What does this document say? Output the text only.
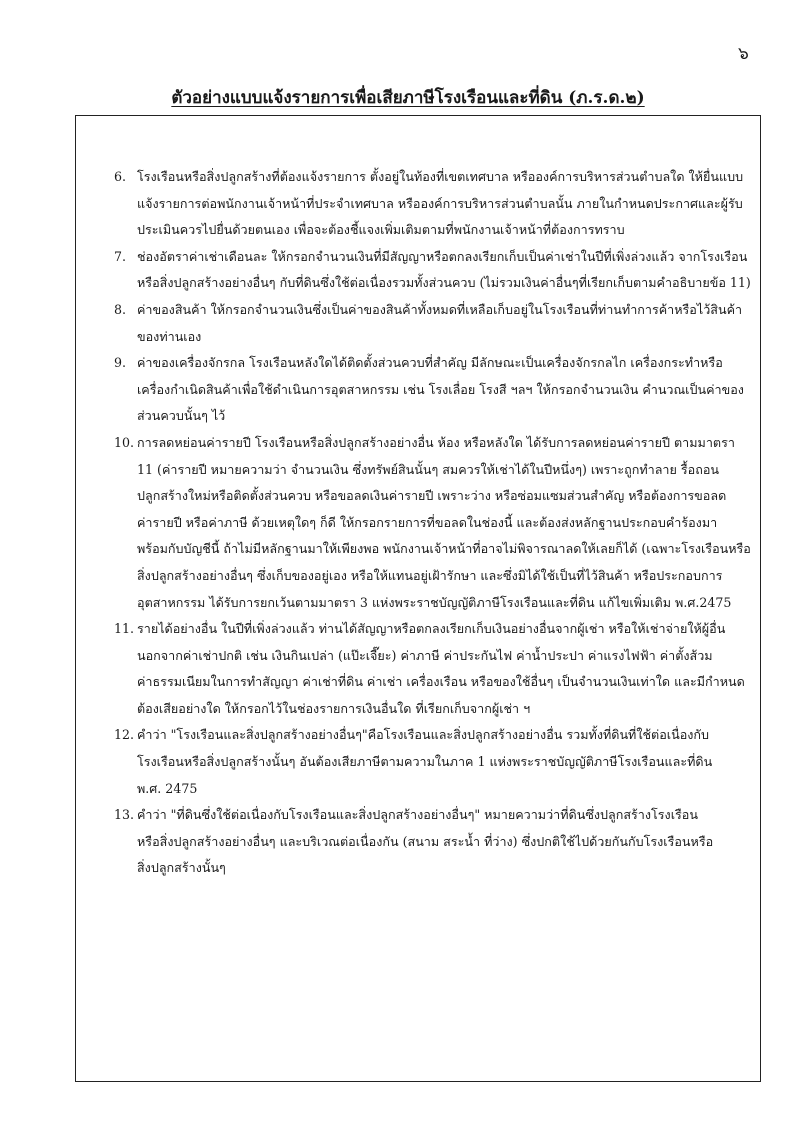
๖
ตัวอย่างแบบแจ้งรายการเพื่อเสียภาษีโรงเรือนและที่ดิน (ภ.ร.ด.๒)
6. โรงเรือนหรือสิ่งปลูกสร้างที่ต้องแจ้งรายการ ตั้งอยู่ในท้องที่เขตเทศบาล หรือองค์การบริหารส่วนตำบลใด ให้ยื่นแบบ
แจ้งรายการต่อพนักงานเจ้าหน้าที่ประจำเทศบาล หรือองค์การบริหารส่วนตำบลนั้น ภายในกำหนดประกาศและผู้รับ
ประเมินควรไปยื่นด้วยตนเอง เพื่อจะต้องชี้แจงเพิ่มเติมตามที่พนักงานเจ้าหน้าที่ต้องการทราบ
7. ช่องอัตราค่าเช่าเดือนละ ให้กรอกจำนวนเงินที่มีสัญญาหรือตกลงเรียกเก็บเป็นค่าเช่าในปีที่เพิ่งล่วงแล้ว จากโรงเรือน
หรือสิ่งปลูกสร้างอย่างอื่นๆ กับที่ดินซึ่งใช้ต่อเนื่องรวมทั้งส่วนควบ (ไม่รวมเงินค่าอื่นๆที่เรียกเก็บตามคำอธิบายข้อ 11)
8. ค่าของสินค้า ให้กรอกจำนวนเงินซึ่งเป็นค่าของสินค้าทั้งหมดที่เหลือเก็บอยู่ในโรงเรือนที่ท่านทำการค้าหรือไว้สินค้า
ของท่านเอง
9. ค่าของเครื่องจักรกล โรงเรือนหลังใดได้ติดตั้งส่วนควบที่สำคัญ มีลักษณะเป็นเครื่องจักรกลไก เครื่องกระทำหรือ
เครื่องกำเนิดสินค้าเพื่อใช้ดำเนินการอุตสาหกรรม เช่น โรงเลื่อย โรงสี ฯลฯ ให้กรอกจำนวนเงิน คำนวณเป็นค่าของ
ส่วนควบนั้นๆ ไว้
10. การลดหย่อนค่ารายปี โรงเรือนหรือสิ่งปลูกสร้างอย่างอื่น ห้อง หรือหลังใด ได้รับการลดหย่อนค่ารายปี ตามมาตรา
11 (ค่ารายปี หมายความว่า จำนวนเงิน ซึ่งทรัพย์สินนั้นๆ สมควรให้เช่าได้ในปีหนึ่งๆ) เพราะถูกทำลาย รื้อถอน
ปลูกสร้างใหม่หรือติดตั้งส่วนควบ หรือขอลดเงินค่ารายปี เพราะว่าง หรือซ่อมแซมส่วนสำคัญ หรือต้องการขอลด
ค่ารายปี หรือค่าภาษี ด้วยเหตุใดๆ ก็ดี ให้กรอกรายการที่ขอลดในช่องนี้ และต้องส่งหลักฐานประกอบคำร้องมา
พร้อมกับบัญชีนี้ ถ้าไม่มีหลักฐานมาให้เพียงพอ พนักงานเจ้าหน้าที่อาจไม่พิจารณาลดให้เลยก็ได้ (เฉพาะโรงเรือนหรือ
สิ่งปลูกสร้างอย่างอื่นๆ ซึ่งเก็บของอยู่เอง หรือให้แทนอยู่เฝ้ารักษา และซึ่งมิได้ใช้เป็นที่ไว้สินค้า หรือประกอบการ
อุตสาหกรรม ได้รับการยกเว้นตามมาตรา 3 แห่งพระราชบัญญัติภาษีโรงเรือนและที่ดิน แก้ไขเพิ่มเติม พ.ศ.2475
11. รายได้อย่างอื่น ในปีที่เพิ่งล่วงแล้ว ท่านได้สัญญาหรือตกลงเรียกเก็บเงินอย่างอื่นจากผู้เช่า หรือให้เช่าจ่ายให้ผู้อื่น
นอกจากค่าเช่าปกติ เช่น เงินกินเปล่า (แป๊ะเจี๊ยะ) ค่าภาษี ค่าประกันไฟ ค่าน้ำประปา ค่าแรงไฟฟ้า ค่าตั้งส้วม
ค่าธรรมเนียมในการทำสัญญา ค่าเช่าที่ดิน ค่าเช่า เครื่องเรือน หรือของใช้อื่นๆ เป็นจำนวนเงินเท่าใด และมีกำหนด
ต้องเสียอย่างใด ให้กรอกไว้ในช่องรายการเงินอื่นใด ที่เรียกเก็บจากผู้เช่า ฯ
12. คำว่า "โรงเรือนและสิ่งปลูกสร้างอย่างอื่นๆ"คือโรงเรือนและสิ่งปลูกสร้างอย่างอื่น รวมทั้งที่ดินที่ใช้ต่อเนื่องกับ
โรงเรือนหรือสิ่งปลูกสร้างนั้นๆ อันต้องเสียภาษีตามความในภาค 1 แห่งพระราชบัญญัติภาษีโรงเรือนและที่ดิน
พ.ศ. 2475
13. คำว่า "ที่ดินซึ่งใช้ต่อเนื่องกับโรงเรือนและสิ่งปลูกสร้างอย่างอื่นๆ" หมายความว่าที่ดินซึ่งปลูกสร้างโรงเรือน
หรือสิ่งปลูกสร้างอย่างอื่นๆ และบริเวณต่อเนื่องกัน (สนาม สระน้ำ ที่ว่าง) ซึ่งปกติใช้ไปด้วยกันกับโรงเรือนหรือ
สิ่งปลูกสร้างนั้นๆ
